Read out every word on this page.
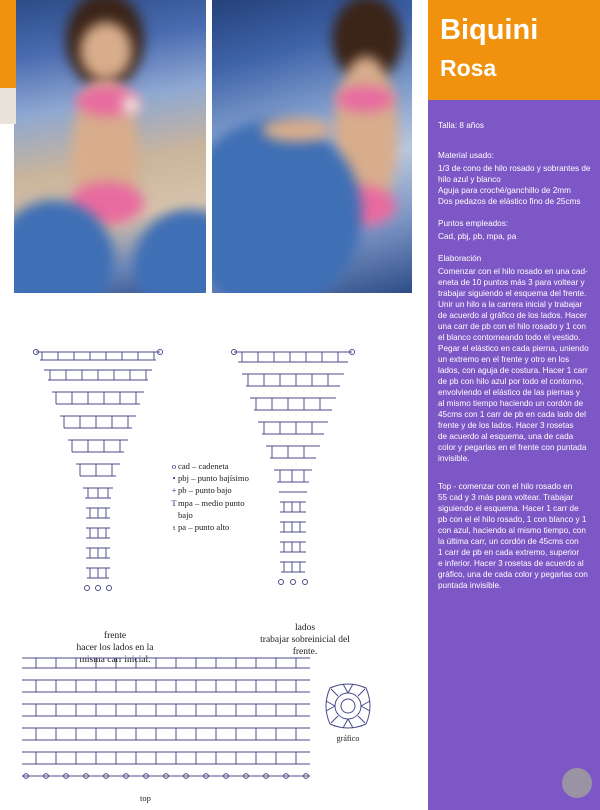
Biquini
Rosa
Talla: 8 años

Material usado:

1/3 de cono de hilo rosado y sobrantes de

hilo azul y blanco

Aguja para croché/ganchillo de 2mm

Dos pedazos de elástico fino de 25cms

Puntos empleados:

Cad, pbj, pb, mpa, pa

Elaboración

Comenzar con el hilo rosado en una cad-

eneta de 10 puntos más 3 para voltear y

trabajar siguiendo el esquema del frente.

Unir un hilo a la carrera inicial y trabajar

de acuerdo al gráfico de los lados. Hacer

una carr de pb con el hilo rosado y 1 con

el blanco contorneando todo el vestido.

Pegar el elástico en cada pierna, uniendo

un extremo en el frente y otro en los

lados, con aguja de costura. Hacer 1 carr

de pb con hilo azul por todo el contorno,

envolviendo el elástico de las piernas y

al mismo tiempo haciendo un cordón de

45cms con 1 carr de pb en cada lado del

frente y de los lados. Hacer 3 rosetas

de acuerdo al esquema, una de cada

color y pegarlas en el frente con puntada

invisible.

Top - comenzar con el hilo rosado en

55 cad y 3 más para voltear. Trabajar

siguiendo el esquema. Hacer 1 carr de

pb con el el hilo rosado, 1 con blanco y 1

con azul, haciendo al mismo tiempo, con

la última carr, un cordón de 45cms con

1 carr de pb en cada extremo, superior

e inferior. Hacer 3 rosetas de acuerdo al

gráfico, una de cada color y pegarlas con

puntada invisible.

frente
hacer los lados en la
misma carr inicial.
lados
trabajar sobreinicial del
frente.
o cad – cadeneta
• pbj – punto bajísimo
+ pb – punto bajo
Tmpa – medio punto
bajo
ᵼ pa – punto alto
gráfico
top
